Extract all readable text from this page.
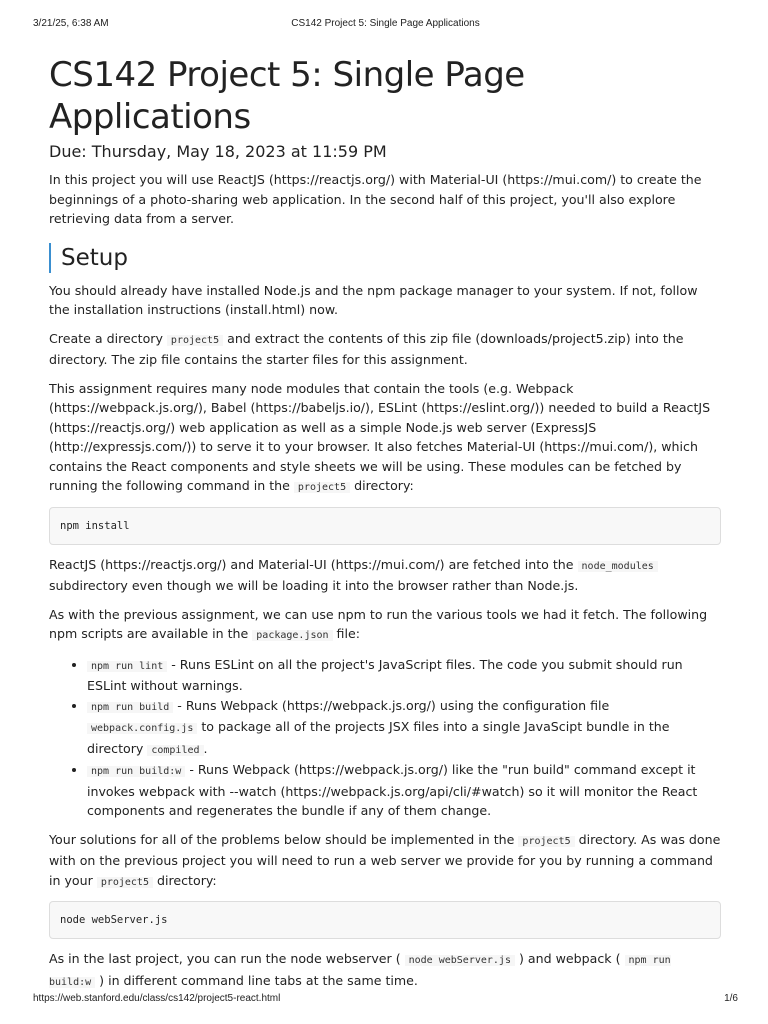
3/21/25, 6:38 AM	CS142 Project 5: Single Page Applications
CS142 Project 5: Single Page Applications
Due: Thursday, May 18, 2023 at 11:59 PM

In this project you will use ReactJS (https://reactjs.org/) with Material-UI (https://mui.com/) to create the beginnings of a photo-sharing web application. In the second half of this project, you'll also explore retrieving data from a server.

Setup

You should already have installed Node.js and the npm package manager to your system. If not, follow the installation instructions (install.html) now.

Create a directory project5 and extract the contents of this zip file (downloads/project5.zip) into the directory. The zip file contains the starter files for this assignment.

This assignment requires many node modules that contain the tools (e.g. Webpack (https://webpack.js.org/), Babel (https://babeljs.io/), ESLint (https://eslint.org/)) needed to build a ReactJS (https://reactjs.org/) web application as well as a simple Node.js web server (ExpressJS (http://expressjs.com/)) to serve it to your browser. It also fetches Material-UI (https://mui.com/), which contains the React components and style sheets we will be using. These modules can be fetched by running the following command in the project5 directory:

npm install

ReactJS (https://reactjs.org/) and Material-UI (https://mui.com/) are fetched into the node_modules subdirectory even though we will be loading it into the browser rather than Node.js.

As with the previous assignment, we can use npm to run the various tools we had it fetch. The following npm scripts are available in the package.json file:

• npm run lint - Runs ESLint on all the project's JavaScript files. The code you submit should run ESLint without warnings.
• npm run build - Runs Webpack (https://webpack.js.org/) using the configuration file webpack.config.js to package all of the projects JSX files into a single JavaScipt bundle in the directory compiled .
• npm run build:w - Runs Webpack (https://webpack.js.org/) like the "run build" command except it invokes webpack with --watch (https://webpack.js.org/api/cli/#watch) so it will monitor the React components and regenerates the bundle if any of them change.

Your solutions for all of the problems below should be implemented in the project5 directory. As was done with on the previous project you will need to run a web server we provide for you by running a command in your project5 directory:

node webServer.js

As in the last project, you can run the node webserver ( node webServer.js ) and webpack ( npm run build:w ) in different command line tabs at the same time.

https://web.stanford.edu/class/cs142/project5-react.html	1/6
